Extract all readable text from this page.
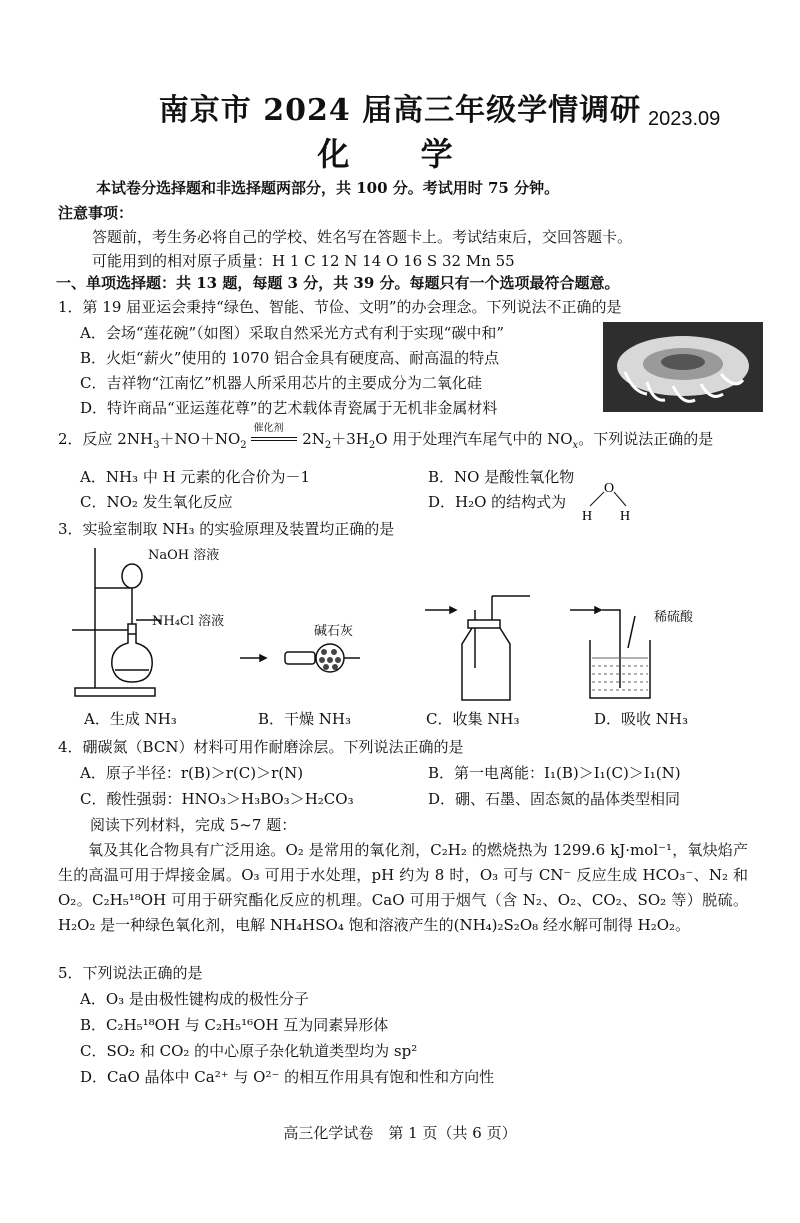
南京市 2024 届高三年级学情调研 2023.09
化 学
本试卷分选择题和非选择题两部分，共 100 分。考试用时 75 分钟。
注意事项：
答题前，考生务必将自己的学校、姓名写在答题卡上。考试结束后，交回答题卡。
可能用到的相对原子质量：H 1 C 12 N 14 O 16 S 32 Mn 55
一、单项选择题：共 13 题，每题 3 分，共 39 分。每题只有一个选项最符合题意。
1．第 19 届亚运会秉持“绿色、智能、节俭、文明”的办会理念。下列说法不正确的是
A．会场“莲花碗”（如图）采取自然采光方式有利于实现“碳中和”
B．火炬“薪火”使用的 1070 铝合金具有硬度高、耐高温的特点
C．吉祥物“江南忆”机器人所采用芯片的主要成分为二氧化硅
D．特许商品“亚运莲花尊”的艺术载体青瓷属于无机非金属材料
2．反应 $2NH_3+NO+NO_2$
催化剂
$2N_2+3H_2O$ 用于处理汽车尾气中的 $NO_x$。下列说法正确的是
A．NH₃ 中 H 元素的化合价为－1	B．NO 是酸性氧化物
C．NO₂ 发生氧化反应	D．H₂O 的结构式为
O
H H
3．实验室制取 NH₃ 的实验原理及装置均正确的是
NaOH 溶液
NH₄Cl 溶液
碱石灰
稀硫酸
A．生成 NH₃	B．干燥 NH₃	C．收集 NH₃	D．吸收 NH₃
4．硼碳氮（BCN）材料可用作耐磨涂层。下列说法正确的是
A．原子半径：r(B)＞r(C)＞r(N)	B．第一电离能：I₁(B)＞I₁(C)＞I₁(N)
C．酸性强弱：HNO₃＞H₃BO₃＞H₂CO₃	D．硼、石墨、固态氮的晶体类型相同
阅读下列材料，完成 5~7 题：
氧及其化合物具有广泛用途。O₂ 是常用的氧化剂，C₂H₂ 的燃烧热为 1299.6 kJ·mol⁻¹，氧炔焰产生的高温可用于焊接金属。O₃ 可用于水处理，pH 约为 8 时，O₃ 可与 CN⁻ 反应生成 HCO₃⁻、N₂ 和 O₂。C₂H₅¹⁸OH 可用于研究酯化反应的机理。CaO 可用于烟气（含 N₂、O₂、CO₂、SO₂ 等）脱硫。H₂O₂ 是一种绿色氧化剂，电解 NH₄HSO₄ 饱和溶液产生的(NH₄)₂S₂O₈ 经水解可制得 H₂O₂。
5．下列说法正确的是
A．O₃ 是由极性键构成的极性分子
B．C₂H₅¹⁸OH 与 C₂H₅¹⁶OH 互为同素异形体
C．SO₂ 和 CO₂ 的中心原子杂化轨道类型均为 sp²
D．CaO 晶体中 Ca²⁺ 与 O²⁻ 的相互作用具有饱和性和方向性
高三化学试卷　第 1 页（共 6 页）
